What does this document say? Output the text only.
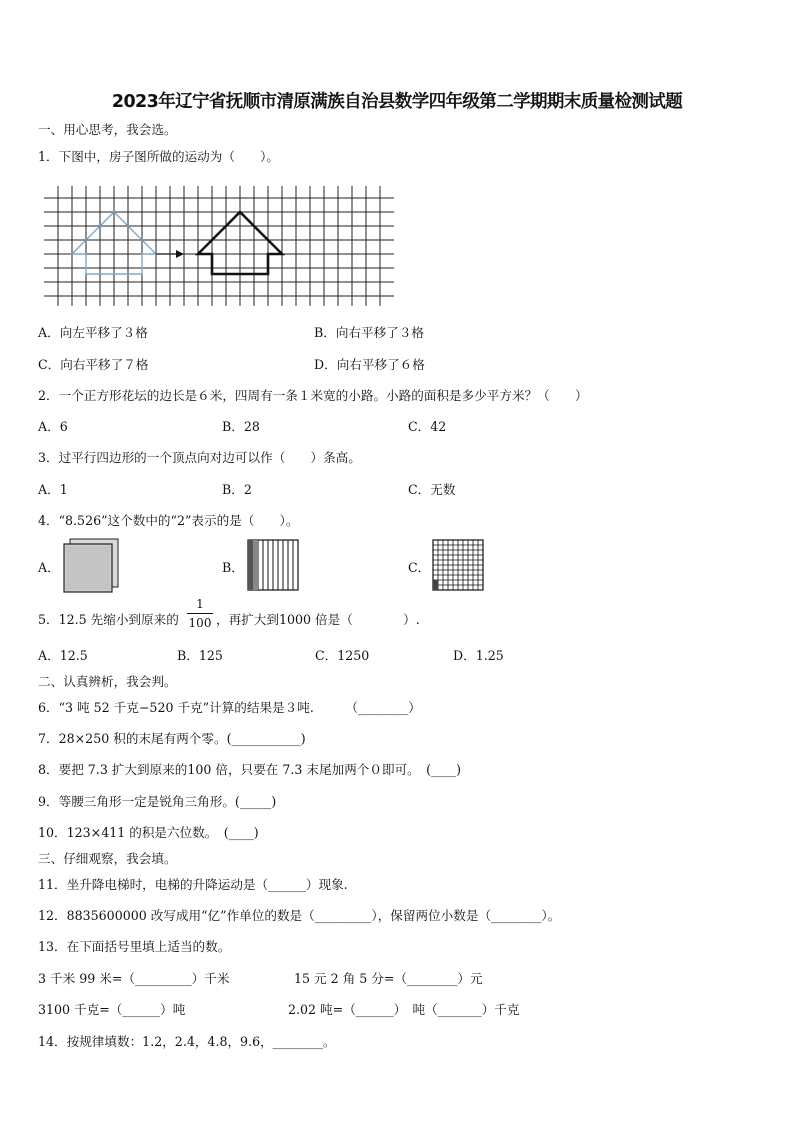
2023年辽宁省抚顺市清原满族自治县数学四年级第二学期期末质量检测试题
一、用心思考，我会选。
1．下图中，房子图所做的运动为（　　）。
A．向左平移了３格	B．向右平移了３格
C．向右平移了７格	D．向右平移了６格
2．一个正方形花坛的边长是６米，四周有一条１米宽的小路。小路的面积是多少平方米？（　　）
A．6	B．28	C．42
3．过平行四边形的一个顶点向对边可以作（　　）条高。
A．1	B．2	C．无数
4．“8.526”这个数中的“2”表示的是（　　）。
A．	B．	C．
5．12.5 先缩小到原来的
1
100 ，再扩大到1000 倍是（　　　　）.
A．12.5	B．125	C．1250	D．1.25
二、认真辨析，我会判。
6．“3 吨 52 千克−520 千克”计算的结果是３吨.　　　（________）
7．28×250 积的末尾有两个零。(___________)
8．要把 7.3 扩大到原来的100 倍，只要在 7.3 末尾加两个０即可。　(____)
9．等腰三角形一定是锐角三角形。(_____)
10．123×411 的积是六位数。　(____)
三、仔细观察，我会填。
11．坐升降电梯时，电梯的升降运动是（______）现象.
12．8835600000 改写成用“亿”作单位的数是（_________），保留两位小数是（________）。
13．在下面括号里填上适当的数。
3 千米 99 米=（_________）千米	15 元 2 角 5 分=（________）元
3100 千克=（______）吨	2.02 吨=（______）　吨（_______）千克
14．按规律填数：1.2，2.4，4.8，9.6，________。
